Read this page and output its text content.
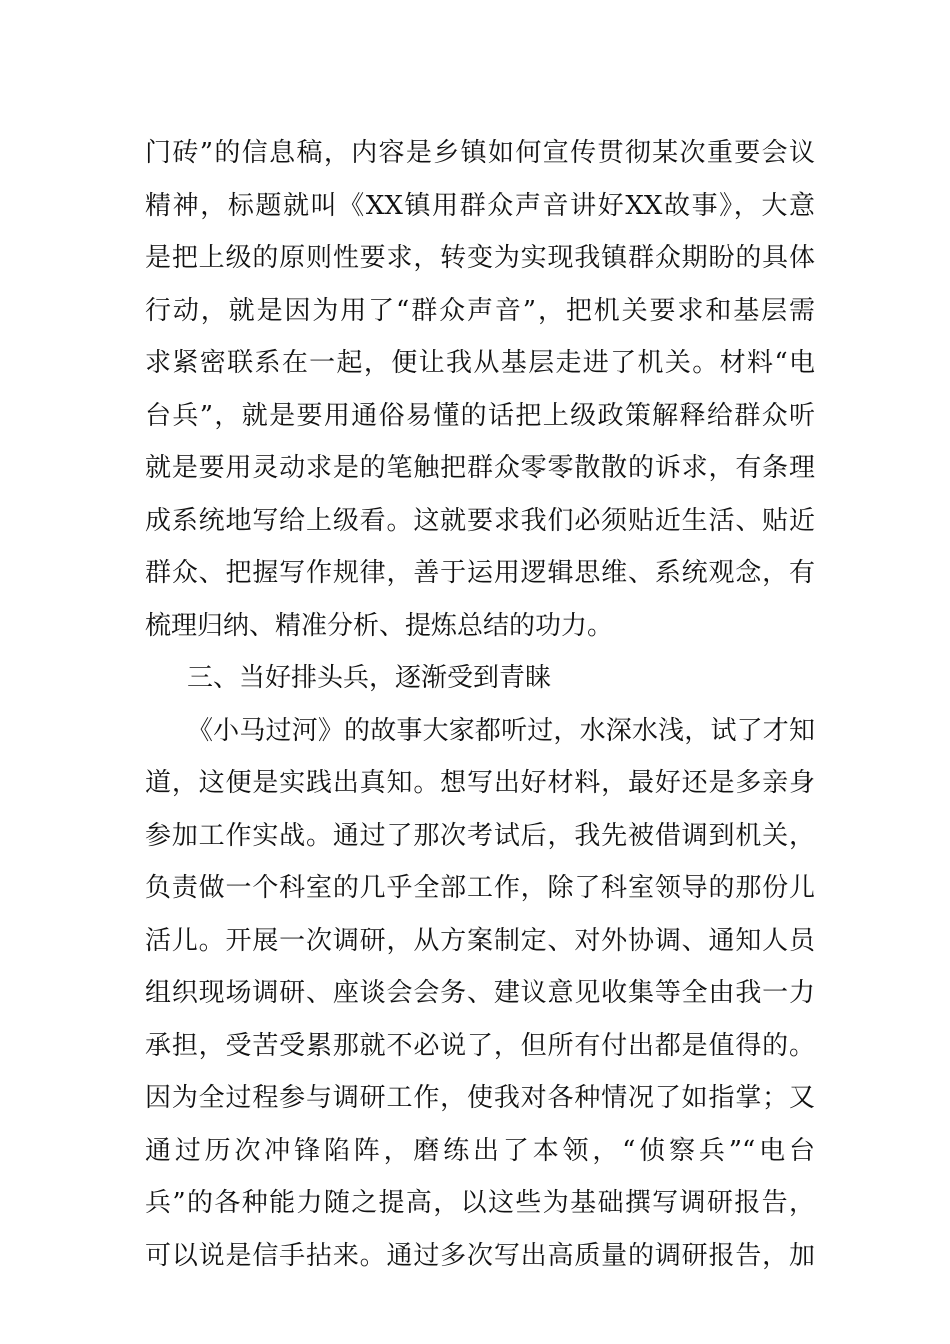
门砖”的信息稿，内容是乡镇如何宣传贯彻某次重要会议
精神，标题就叫《XX镇用群众声音讲好XX故事》，大意
是把上级的原则性要求，转变为实现我镇群众期盼的具体
行动，就是因为用了“群众声音”，把机关要求和基层需
求紧密联系在一起，便让我从基层走进了机关。材料“电
台兵”，就是要用通俗易懂的话把上级政策解释给群众听
就是要用灵动求是的笔触把群众零零散散的诉求，有条理
成系统地写给上级看。这就要求我们必须贴近生活、贴近
群众、把握写作规律，善于运用逻辑思维、系统观念，有
梳理归纳、精准分析、提炼总结的功力。
三、当好排头兵，逐渐受到青睐
《小马过河》的故事大家都听过，水深水浅，试了才知
道，这便是实践出真知。想写出好材料，最好还是多亲身
参加工作实战。通过了那次考试后，我先被借调到机关，
负责做一个科室的几乎全部工作，除了科室领导的那份儿
活儿。开展一次调研，从方案制定、对外协调、通知人员
组织现场调研、座谈会会务、建议意见收集等全由我一力
承担，受苦受累那就不必说了，但所有付出都是值得的。
因为全过程参与调研工作，使我对各种情况了如指掌；又
通过历次冲锋陷阵，磨练出了本领，“侦察兵”“电台
兵”的各种能力随之提高，以这些为基础撰写调研报告，
可以说是信手拈来。通过多次写出高质量的调研报告，加
